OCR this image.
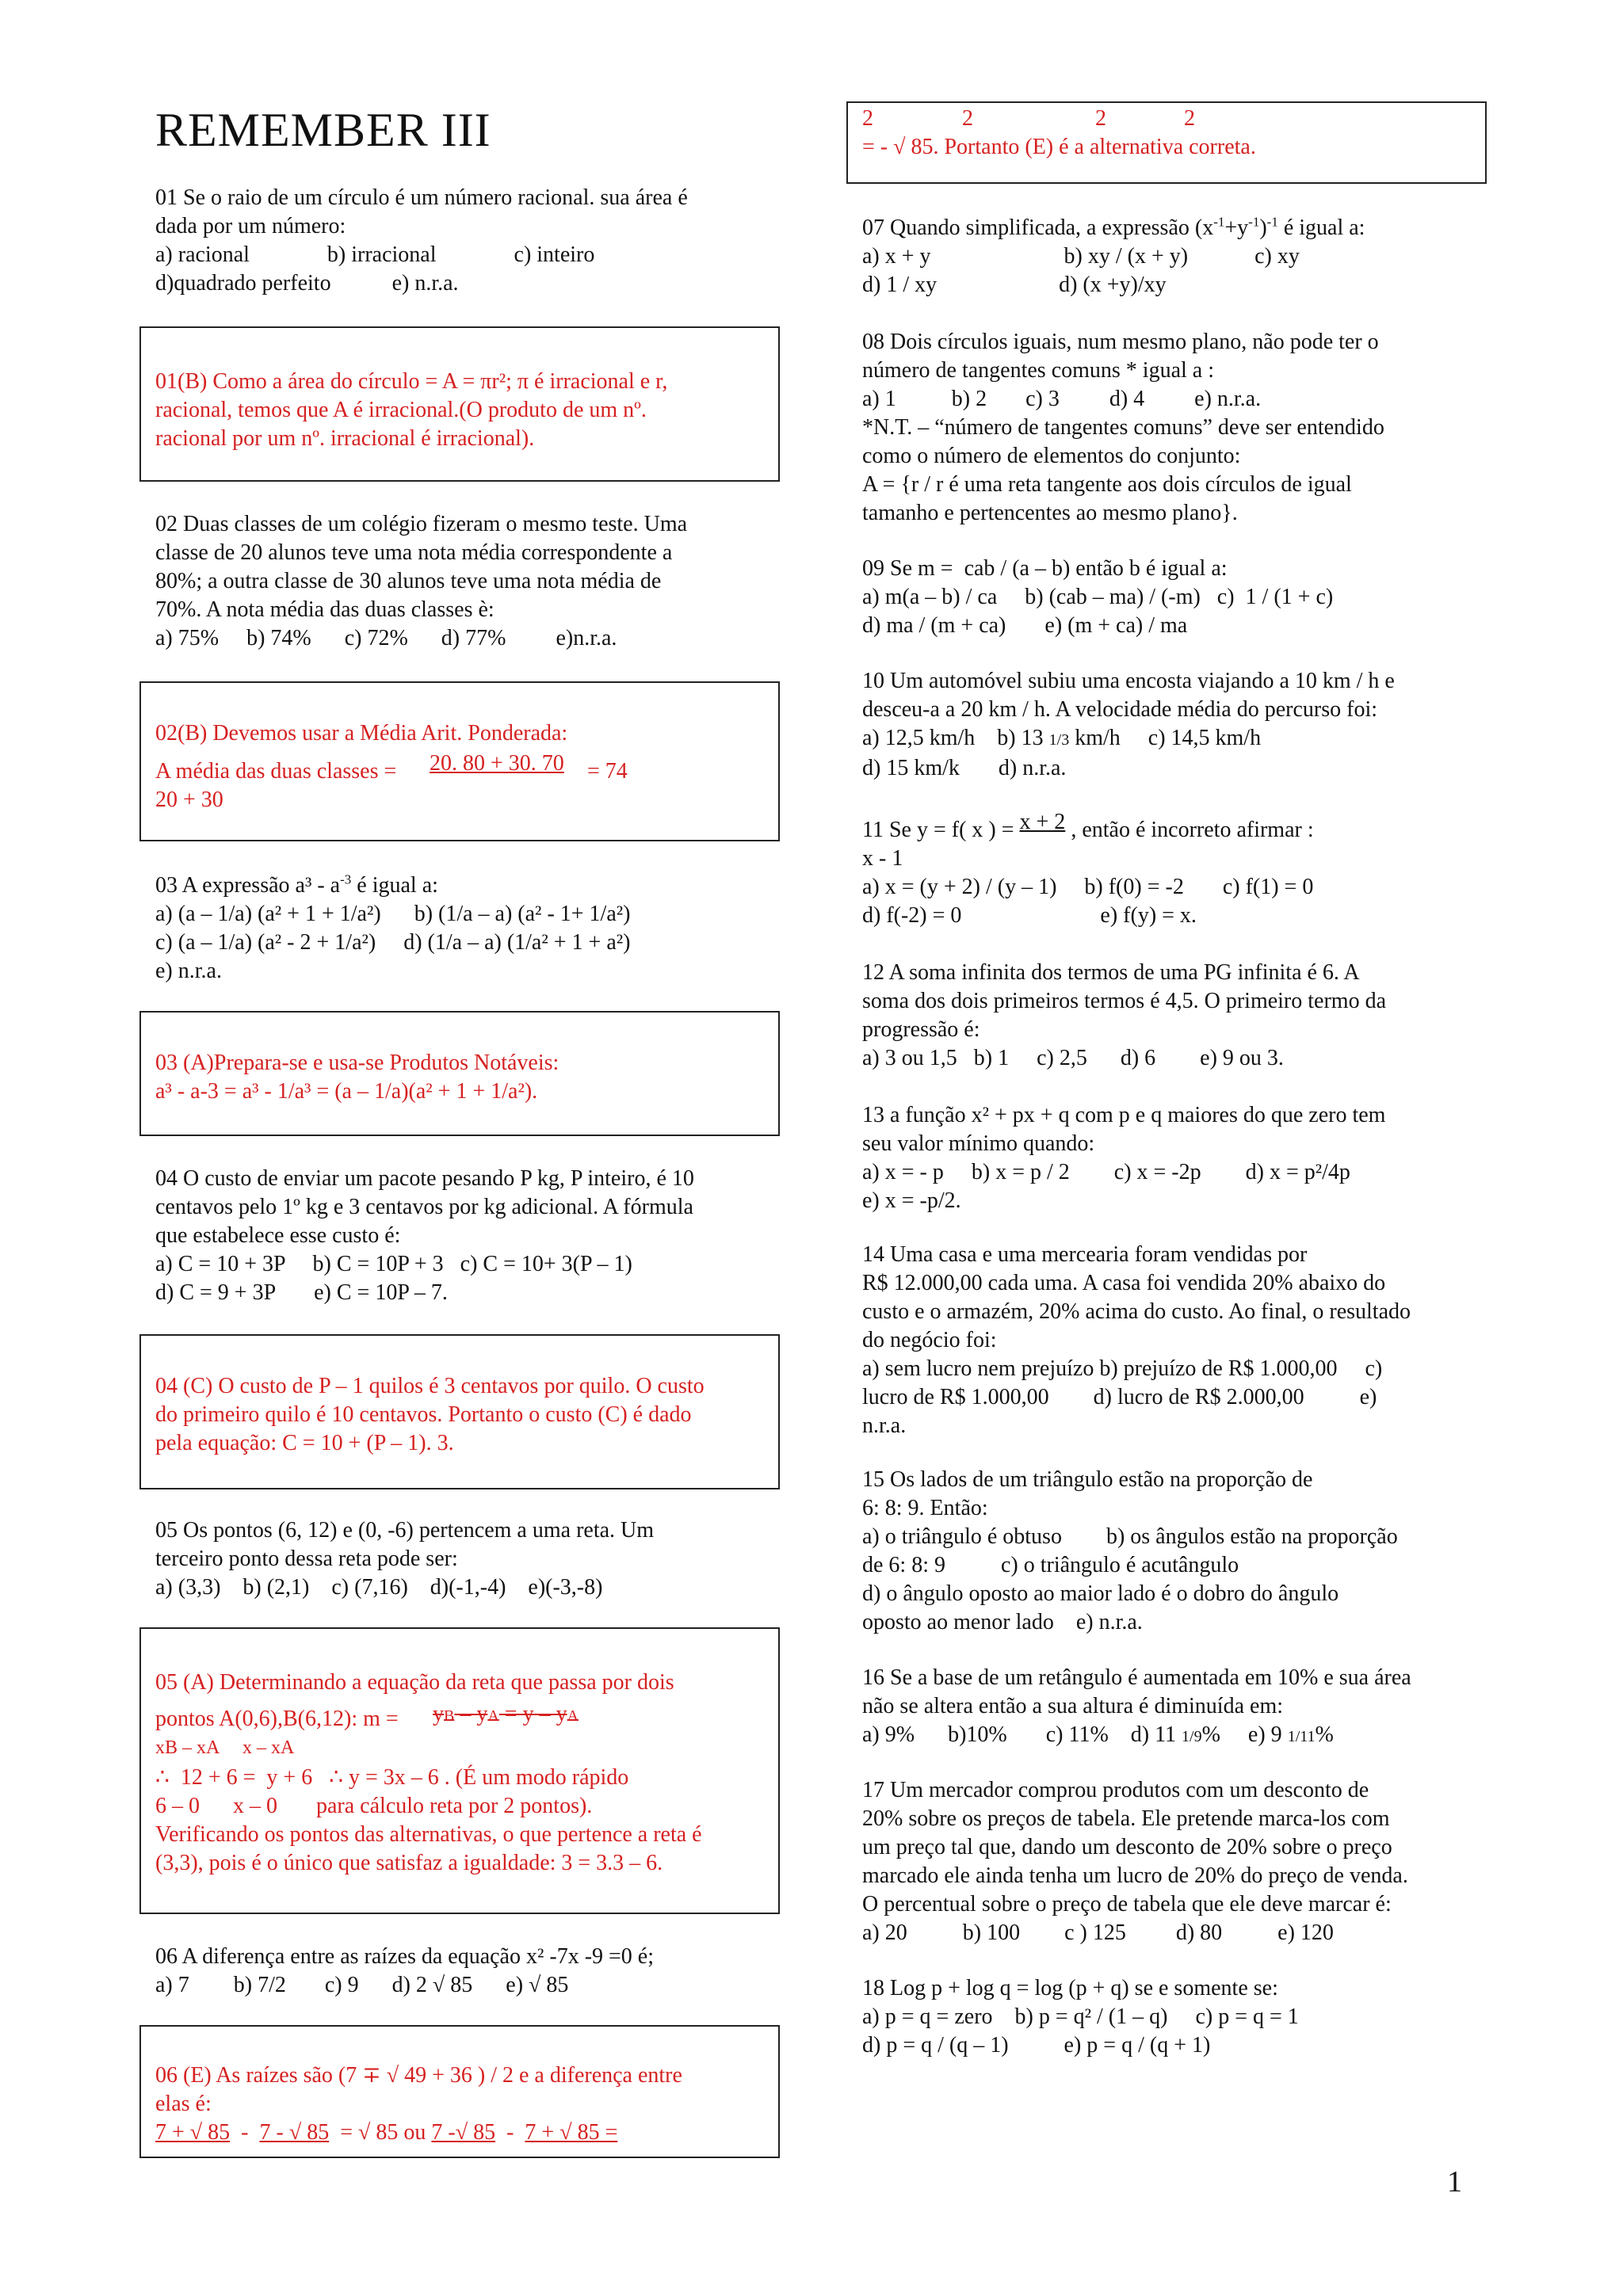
REMEMBER III
01 Se o raio de um círculo é um número racional. sua área é
dada por um número:
a) racional              b) irracional              c) inteiro
d)quadrado perfeito           e) n.r.a.
01(B) Como a área do círculo = A = πr²; π é irracional e r,
racional, temos que A é irracional.(O produto de um nº.
racional por um nº. irracional é irracional).
02 Duas classes de um colégio fizeram o mesmo teste. Uma
classe de 20 alunos teve uma nota média correspondente a
80%; a outra classe de 30 alunos teve uma nota média de
70%. A nota média das duas classes è:
a) 75%     b) 74%      c) 72%      d) 77%         e)n.r.a.
02(B) Devemos usar a Média Arit. Ponderada:
A média das duas classes = 20. 80 + 30. 70 = 74
20 + 30
03 A expressão $a^3 - a^{-3}$ é igual a:
a) (a – 1/a) (a² + 1 + 1/a²)      b) (1/a – a) (a² - 1+ 1/a²)
c) (a – 1/a) (a² - 2 + 1/a²)     d) (1/a – a) (1/a² + 1 + a²)
e) n.r.a.
03 (A)Prepara-se e usa-se Produtos Notáveis:
a³ - a-3 = a³ - 1/a³ = (a – 1/a)(a² + 1 + 1/a²).
04 O custo de enviar um pacote pesando P kg, P inteiro, é 10
centavos pelo 1º kg e 3 centavos por kg adicional. A fórmula
que estabelece esse custo é:
a) C = 10 + 3P     b) C = 10P + 3   c) C = 10+ 3(P – 1)
d) C = 9 + 3P       e) C = 10P – 7.
04 (C) O custo de P – 1 quilos é 3 centavos por quilo. O custo
do primeiro quilo é 10 centavos. Portanto o custo (C) é dado
pela equação: C = 10 + (P – 1). 3.
05 Os pontos (6, 12) e (0, -6) pertencem a uma reta. Um
terceiro ponto dessa reta pode ser:
a) (3,3)    b) (2,1)    c) (7,16)    d)(-1,-4)    e)(-3,-8)
05 (A) Determinando a equação da reta que passa por dois
pontos A(0,6),B(6,12): m = yB – yA = y – yA
xB – xA     x – xA
∴  12 + 6 =  y + 6   ∴ y = 3x – 6 . (É um modo rápido
6 – 0      x – 0       para cálculo reta por 2 pontos).
Verificando os pontos das alternativas, o que pertence a reta é
(3,3), pois é o único que satisfaz a igualdade: 3 = 3.3 – 6.
06 A diferença entre as raízes da equação x² -7x -9 =0 é;
a) 7        b) 7/2       c) 9      d) 2 √ 85      e) √ 85
06 (E) As raízes são (7 ∓ √ 49 + 36 ) / 2 e a diferença entre
elas é:
7 + √ 85  -  7 - √ 85  = √ 85 ou 7 -√ 85  -  7 + √ 85 =
2                2                      2              2
= - √ 85. Portanto (E) é a alternativa correta.
07 Quando simplificada, a expressão $(x^{-1}+y^{-1})^{-1}$ é igual a:
a) x + y                        b) xy / (x + y)            c) xy
d) 1 / xy                      d) (x +y)/xy
08 Dois círculos iguais, num mesmo plano, não pode ter o
número de tangentes comuns * igual a :
a) 1          b) 2       c) 3         d) 4         e) n.r.a.
*N.T. – “número de tangentes comuns” deve ser entendido
como o número de elementos do conjunto:
A = {r / r é uma reta tangente aos dois círculos de igual
tamanho e pertencentes ao mesmo plano}.
09 Se m =  cab / (a – b) então b é igual a:
a) m(a – b) / ca     b) (cab – ma) / (-m)   c)  1 / (1 + c)
d) ma / (m + ca)       e) (m + ca) / ma
10 Um automóvel subiu uma encosta viajando a 10 km / h e
desceu-a a 20 km / h. A velocidade média do percurso foi:
a) 12,5 km/h    b) 13 1/3 km/h     c) 14,5 km/h
d) 15 km/k       d) n.r.a.
11 Se y = f( x ) = x + 2 , então é incorreto afirmar :
x - 1
a) x = (y + 2) / (y – 1)     b) f(0) = -2       c) f(1) = 0
d) f(-2) = 0                         e) f(y) = x.
12 A soma infinita dos termos de uma PG infinita é 6. A
soma dos dois primeiros termos é 4,5. O primeiro termo da
progressão é:
a) 3 ou 1,5   b) 1     c) 2,5      d) 6        e) 9 ou 3.
13 a função x² + px + q com p e q maiores do que zero tem
seu valor mínimo quando:
a) x = - p     b) x = p / 2        c) x = -2p        d) x = p²/4p
e) x = -p/2.
14 Uma casa e uma mercearia foram vendidas por
R$ 12.000,00 cada uma. A casa foi vendida 20% abaixo do
custo e o armazém, 20% acima do custo. Ao final, o resultado
do negócio foi:
a) sem lucro nem prejuízo b) prejuízo de R$ 1.000,00     c)
lucro de R$ 1.000,00        d) lucro de R$ 2.000,00          e)
n.r.a.
15 Os lados de um triângulo estão na proporção de
6: 8: 9. Então:
a) o triângulo é obtuso        b) os ângulos estão na proporção
de 6: 8: 9          c) o triângulo é acutângulo
d) o ângulo oposto ao maior lado é o dobro do ângulo
oposto ao menor lado    e) n.r.a.
16 Se a base de um retângulo é aumentada em 10% e sua área
não se altera então a sua altura é diminuída em:
a) 9%      b)10%       c) 11%    d) 11 1/9%     e) 9 1/11%
17 Um mercador comprou produtos com um desconto de
20% sobre os preços de tabela. Ele pretende marca-los com
um preço tal que, dando um desconto de 20% sobre o preço
marcado ele ainda tenha um lucro de 20% do preço de venda.
O percentual sobre o preço de tabela que ele deve marcar é:
a) 20          b) 100        c ) 125         d) 80          e) 120
18 Log p + log q = log (p + q) se e somente se:
a) p = q = zero    b) p = q² / (1 – q)     c) p = q = 1
d) p = q / (q – 1)          e) p = q / (q + 1)
1
